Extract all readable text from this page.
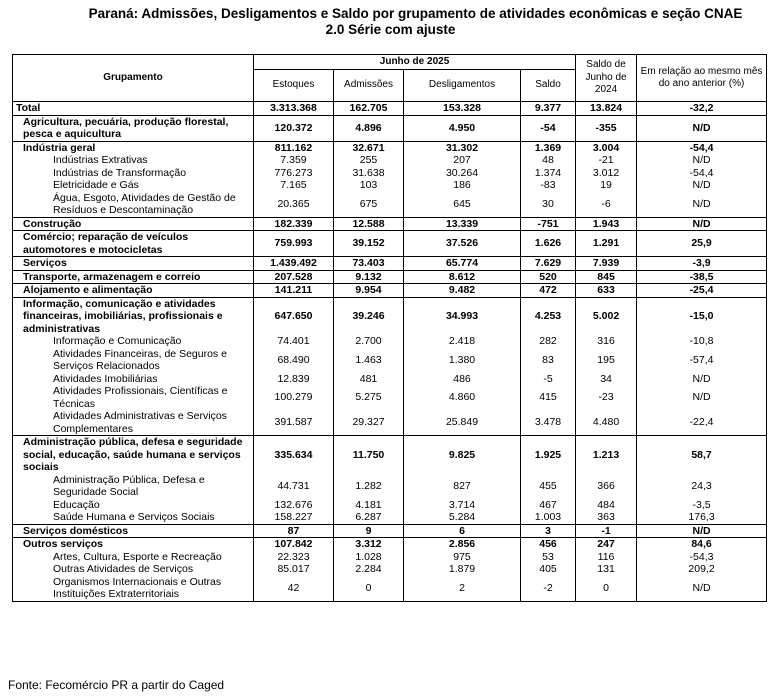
Paraná: Admissões, Desligamentos e Saldo por grupamento de atividades econômicas e seção CNAE
2.0 Série com ajuste
Grupamento	Junho de 2025				Saldo de Junho de 2024	Em relação ao mesmo mês do ano anterior (%)
	Estoques	Admissões	Desligamentos	Saldo		
Total	3.313.368	162.705	153.328	9.377	13.824	-32,2
Agricultura, pecuária, produção florestal, pesca e aquicultura	120.372	4.896	4.950	-54	-355	N/D
Indústria geral	811.162	32.671	31.302	1.369	3.004	-54,4
Indústrias Extrativas	7.359	255	207	48	-21	N/D
Indústrias de Transformação	776.273	31.638	30.264	1.374	3.012	-54,4
Eletricidade e Gás	7.165	103	186	-83	19	N/D
Água, Esgoto, Atividades de Gestão de Resíduos e Descontaminação	20.365	675	645	30	-6	N/D
Construção	182.339	12.588	13.339	-751	1.943	N/D
Comércio; reparação de veículos automotores e motocicletas	759.993	39.152	37.526	1.626	1.291	25,9
Serviços	1.439.492	73.403	65.774	7.629	7.939	-3,9
Transporte, armazenagem e correio	207.528	9.132	8.612	520	845	-38,5
Alojamento e alimentação	141.211	9.954	9.482	472	633	-25,4
Informação, comunicação e atividades financeiras, imobiliárias, profissionais e administrativas	647.650	39.246	34.993	4.253	5.002	-15,0
Informação e Comunicação	74.401	2.700	2.418	282	316	-10,8
Atividades Financeiras, de Seguros e Serviços Relacionados	68.490	1.463	1.380	83	195	-57,4
Atividades Imobiliárias	12.839	481	486	-5	34	N/D
Atividades Profissionais, Científicas e Técnicas	100.279	5.275	4.860	415	-23	N/D
Atividades Administrativas e Serviços Complementares	391.587	29.327	25.849	3.478	4.480	-22,4
Administração pública, defesa e seguridade social, educação, saúde humana e serviços sociais	335.634	11.750	9.825	1.925	1.213	58,7
Administração Pública, Defesa e Seguridade Social	44.731	1.282	827	455	366	24,3
Educação	132.676	4.181	3.714	467	484	-3,5
Saúde Humana e Serviços Sociais	158.227	6.287	5.284	1.003	363	176,3
Serviços domésticos	87	9	6	3	-1	N/D
Outros serviços	107.842	3.312	2.856	456	247	84,6
Artes, Cultura, Esporte e Recreação	22.323	1.028	975	53	116	-54,3
Outras Atividades de Serviços	85.017	2.284	1.879	405	131	209,2
Organismos Internacionais e Outras Instituições Extraterritoriais	42	0	2	-2	0	N/D
Fonte: Fecomércio PR a partir do Caged
